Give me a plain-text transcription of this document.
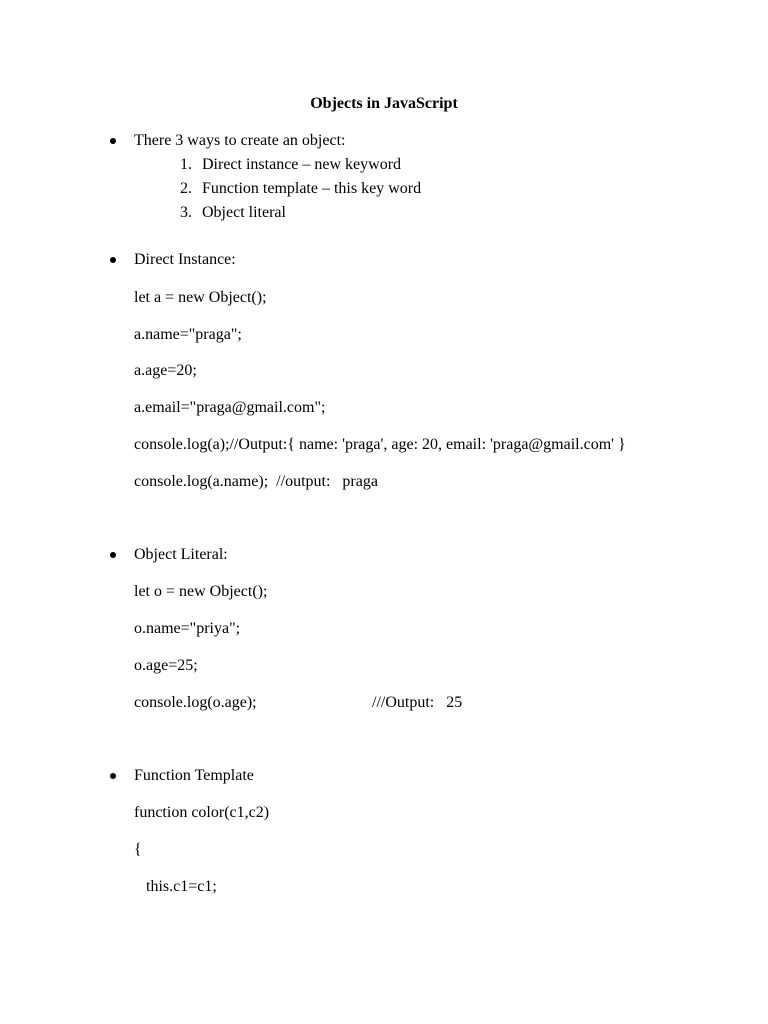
Objects in JavaScript
There 3 ways to create an object:
1. Direct instance – new keyword
2. Function template – this key word
3. Object literal
Direct Instance:
let a = new Object();
a.name="praga";
a.age=20;
a.email="praga@gmail.com";
console.log(a);//Output:{ name: 'praga', age: 20, email: 'praga@gmail.com' }
console.log(a.name);  //output:   praga
Object Literal:
let o = new Object();
o.name="priya";
o.age=25;
console.log(o.age);	///Output:   25
Function Template
function color(c1,c2)
{
this.c1=c1;
